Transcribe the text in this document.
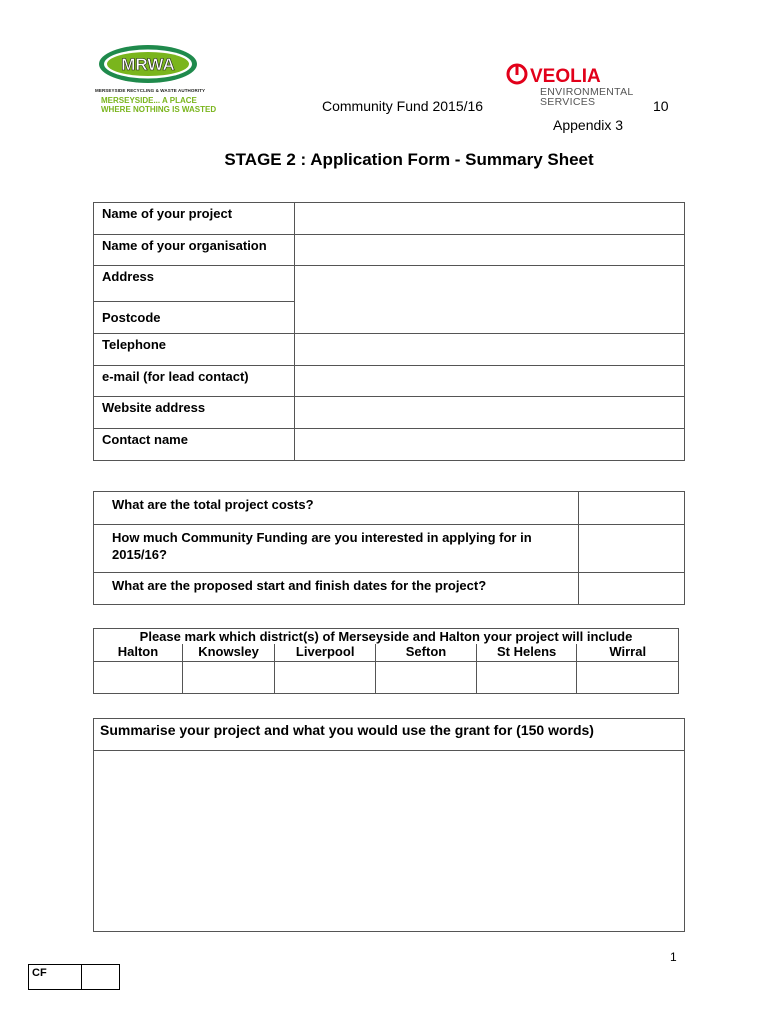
MRWA
MERSEYSIDE RECYCLING & WASTE AUTHORITY
MERSEYSIDE... A PLACE
WHERE NOTHING IS WASTED	Community Fund 2015/16
VEOLIA
ENVIRONMENTAL
SERVICES	10
Appendix 3
STAGE 2 : Application Form - Summary Sheet
Name of your project	
Name of your organisation	
Address	
Postcode	
Telephone	
e-mail (for lead contact)	
Website address	
Contact name	
What are the total project costs?	
How much Community Funding are you interested in applying for in 2015/16?	
What are the proposed start and finish dates for the project?	
Please mark which district(s) of Merseyside and Halton your project will include					
Halton	Knowsley	Liverpool	Sefton	St Helens	Wirral

Summarise your project and what you would use the grant for (150 words)

1
CF
